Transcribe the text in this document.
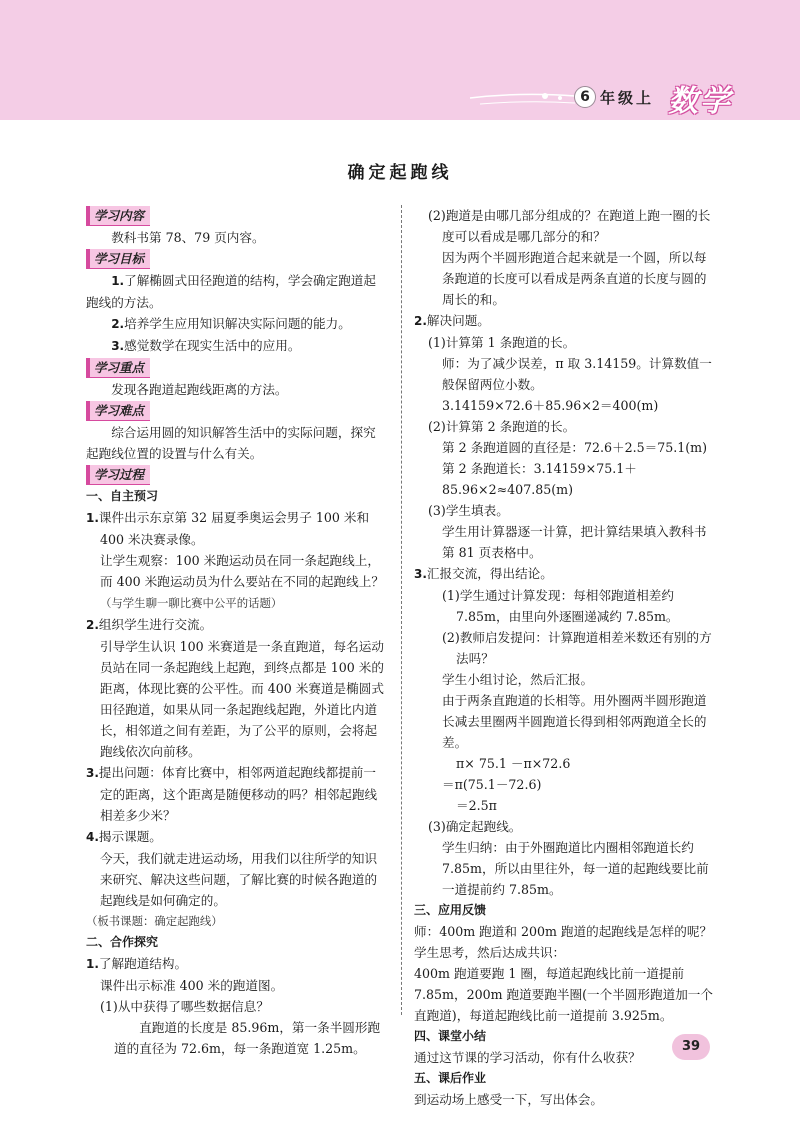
6 年级上 数学
确定起跑线
学习内容

教科书第 78、79 页内容。

学习目标

1.了解椭圆式田径跑道的结构，学会确定跑道起跑线的方法。

2.培养学生应用知识解决实际问题的能力。

3.感觉数学在现实生活中的应用。

学习重点

发现各跑道起跑线距离的方法。

学习难点

综合运用圆的知识解答生活中的实际问题，探究起跑线位置的设置与什么有关。

学习过程

一、自主预习

1.课件出示东京第 32 届夏季奥运会男子 100 米和 400 米决赛录像。

让学生观察：100 米跑运动员在同一条起跑线上，而 400 米跑运动员为什么要站在不同的起跑线上？（与学生聊一聊比赛中公平的话题）

2.组织学生进行交流。

引导学生认识 100 米赛道是一条直跑道，每名运动员站在同一条起跑线上起跑，到终点都是 100 米的距离，体现比赛的公平性。而 400 米赛道是椭圆式田径跑道，如果从同一条起跑线起跑，外道比内道长，相邻道之间有差距，为了公平的原则，会将起跑线依次向前移。

3.提出问题：体育比赛中，相邻两道起跑线都提前一定的距离，这个距离是随便移动的吗？相邻起跑线相差多少米？

4.揭示课题。

今天，我们就走进运动场，用我们以往所学的知识来研究、解决这些问题，了解比赛的时候各跑道的起跑线是如何确定的。

（板书课题：确定起跑线）

二、合作探究

1.了解跑道结构。

课件出示标准 400 米的跑道图。

(1)从中获得了哪些数据信息？

直跑道的长度是 85.96m，第一条半圆形跑道的直径为 72.6m，每一条跑道宽 1.25m。

(2)跑道是由哪几部分组成的？在跑道上跑一圈的长度可以看成是哪几部分的和？

因为两个半圆形跑道合起来就是一个圆，所以每条跑道的长度可以看成是两条直道的长度与圆的周长的和。

2.解决问题。

(1)计算第 1 条跑道的长。

师：为了减少误差，π 取 3.14159。计算数值一般保留两位小数。

3.14159×72.6＋85.96×2＝400(m)

(2)计算第 2 条跑道的长。

第 2 条跑道圆的直径是：72.6＋2.5＝75.1(m)

第 2 条跑道长：3.14159×75.1＋85.96×2≈407.85(m)

(3)学生填表。

学生用计算器逐一计算，把计算结果填入教科书第 81 页表格中。

3.汇报交流，得出结论。

(1)学生通过计算发现：每相邻跑道相差约 7.85m，由里向外逐圈递减约 7.85m。

(2)教师启发提问：计算跑道相差米数还有别的方法吗？

学生小组讨论，然后汇报。

由于两条直跑道的长相等。用外圈两半圆形跑道长减去里圈两半圆跑道长得到相邻两跑道全长的差。

π× 75.1 －π×72.6

＝π(75.1－72.6)

＝2.5π

(3)确定起跑线。

学生归纳：由于外圈跑道比内圈相邻跑道长约 7.85m，所以由里往外，每一道的起跑线要比前一道提前约 7.85m。

三、应用反馈

师：400m 跑道和 200m 跑道的起跑线是怎样的呢？

学生思考，然后达成共识：

400m 跑道要跑 1 圈，每道起跑线比前一道提前 7.85m，200m 跑道要跑半圈(一个半圆形跑道加一个直跑道)，每道起跑线比前一道提前 3.925m。

四、课堂小结

通过这节课的学习活动，你有什么收获？

五、课后作业

到运动场上感受一下，写出体会。

39
